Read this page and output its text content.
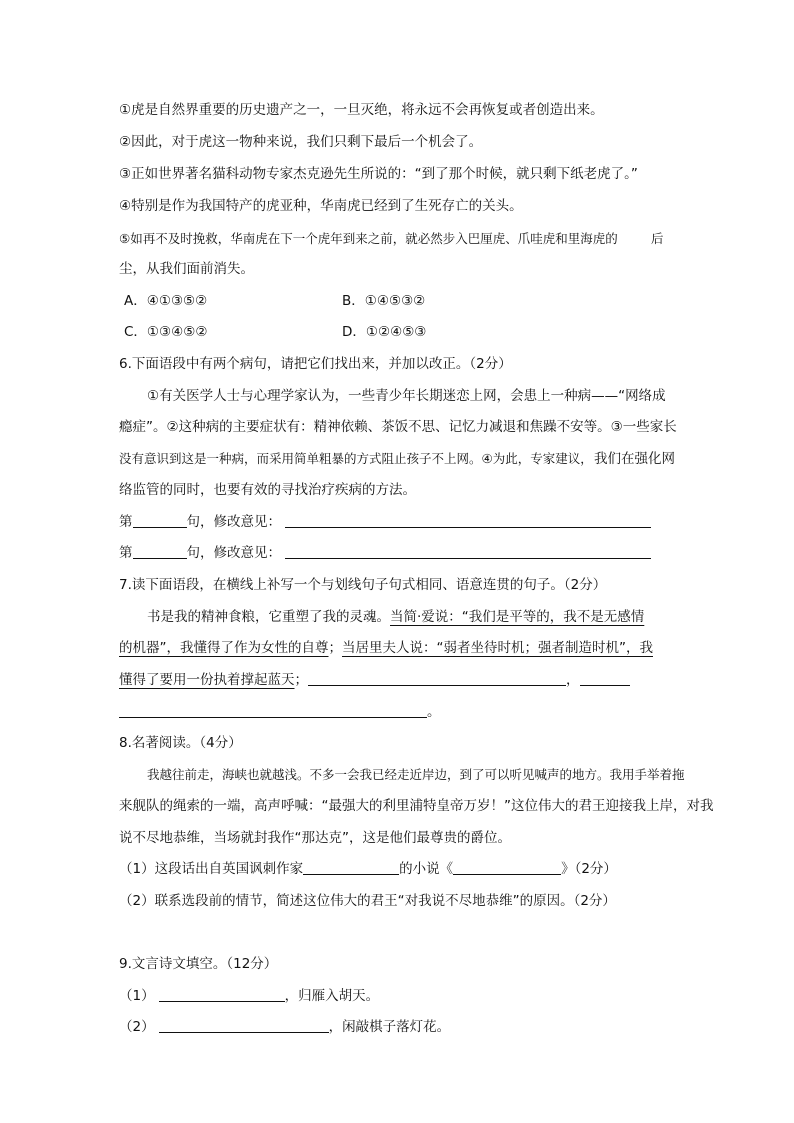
①虎是自然界重要的历史遗产之一，一旦灭绝，将永远不会再恢复或者创造出来。
②因此，对于虎这一物种来说，我们只剩下最后一个机会了。
③正如世界著名猫科动物专家杰克逊先生所说的：“到了那个时候，就只剩下纸老虎了。”
④特别是作为我国特产的虎亚种，华南虎已经到了生死存亡的关头。
⑤如再不及时挽救，华南虎在下一个虎年到来之前，就必然步入巴厘虎、爪哇虎和里海虎的	后
尘，从我们面前消失。
A．④①③⑤②	B．①④⑤③②
C．①③④⑤②	D．①②④⑤③
6.下面语段中有两个病句，请把它们找出来，并加以改正。（2分）
①有关医学人士与心理学家认为，一些青少年长期迷恋上网，会患上一种病——“网络成
瘾症”。②这种病的主要症状有：精神依赖、茶饭不思、记忆力减退和焦躁不安等。③一些家长
没有意识到这是一种病，而采用简单粗暴的方式阻止孩子不上网。④为此，专家建议， 我们在强化网
络监管的同时，也要有效的寻找治疗疾病的方法。
第	句，修改意见：
第	句，修改意见：
7.读下面语段，在横线上补写一个与划线句子句式相同、语意连贯的句子。（2分）
书是我的精神食粮，它重塑了我的灵魂。当简·爱说：“我们是平等的，我不是无感情
的机器”，我懂得了作为女性的自尊；当居里夫人说：“弱者坐待时机；强者制造时机”，我
懂得了要用一份执着撑起蓝天；	，
。
8.名著阅读。（4分）
我越往前走，海峡也就越浅。不多一会我已经走近岸边，到了可以听见喊声的地方。我用手举着拖
来舰队的绳索的一端，高声呼喊：“最强大的利里浦特皇帝万岁！”这位伟大的君王迎接我上岸，对我
说不尽地恭维，当场就封我作“那达克”，这是他们最尊贵的爵位。
（1）这段话出自英国讽刺作家	的小说《	》（2分）
（2）联系选段前的情节，简述这位伟大的君王“对我说不尽地恭维”的原因。（2分）
9.文言诗文填空。（12分）
（1）	，归雁入胡天。
（2）	，闲敲棋子落灯花。
